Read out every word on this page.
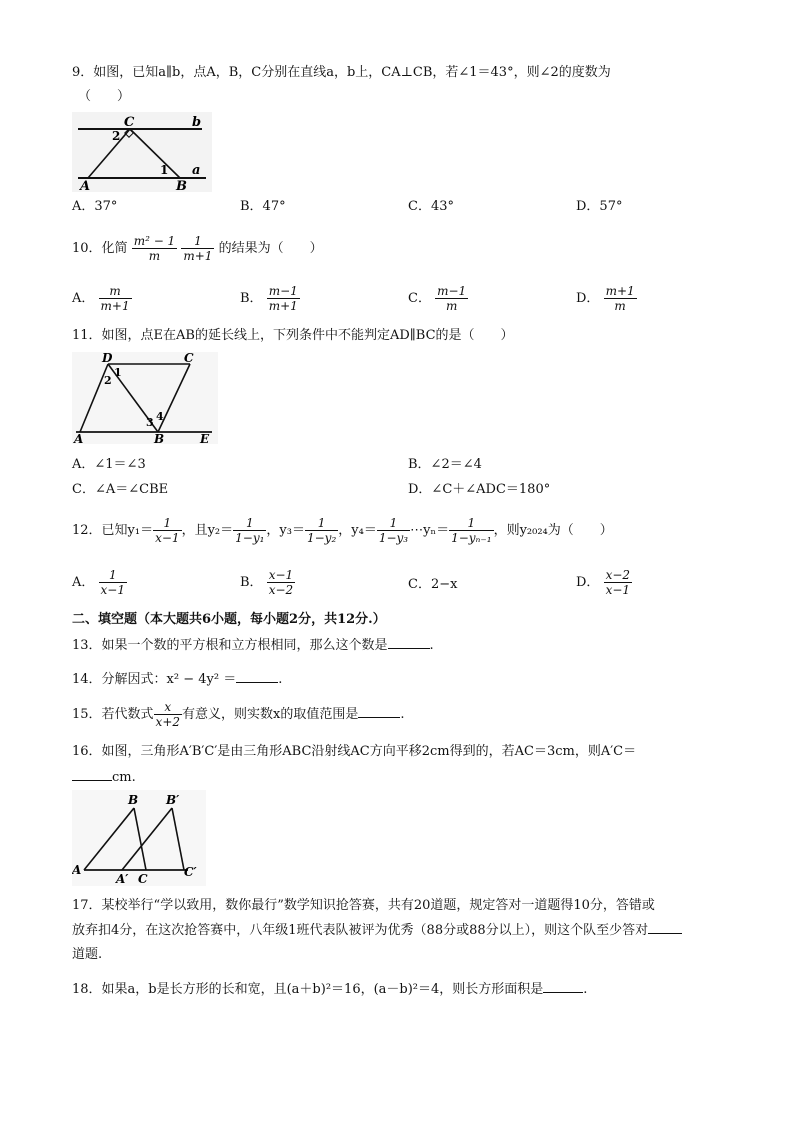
9．如图，已知a∥b，点A，B，C分别在直线a，b上，CA⊥CB，若∠1＝43°，则∠2的度数为
（　　）
C	b
a
2
1
A	B
A．37°	B．47°	C．43°	D．57°
10．化简 $\frac{\text{m² − 1}}{m}$
$\frac{1}{m+1}$ 的结果为（　　）
A． $\frac{m}{m+1}$	B． $\frac{m-1}{m+1}$	C． $\frac{m-1}{m}$	D． $\frac{m+1}{m}$
11．如图，点E在AB的延长线上，下列条件中不能判定AD∥BC的是（　　）
D	C
1
2
3 4
A	B	E
A．∠1＝∠3	B．∠2＝∠4
C．∠A＝∠CBE	D．∠C＋∠ADC＝180°
12．已知$y_1= \frac{1}{x-1}$ ，且$y_2= \frac{1}{\text{1−y₁}}$ ，$y_3= \frac{1}{\text{1−y₂}}$ ，$y_4= \frac{1}{\text{1−y₃}}$ ⋯yₙ＝ $\frac{1}{\text{1−yₙ₋₁}}$ ，则y₂₀₂₄为（　　）
A． $\frac{1}{x-1}$	B． $\frac{x-1}{x-2}$	C．2−x	D． $\frac{x-2}{x-1}$
二、填空题（本大题共6小题，每小题2分，共12分.）
13．如果一个数的平方根和立方根相同，那么这个数是	.
14．分解因式：x² − 4y² ＝	.
15．若代数式 $\frac{x}{x+2}$ 有意义，则实数x的取值范围是	.
16．如图，三角形A′B′C′是由三角形ABC沿射线AC方向平移2cm得到的，若AC＝3cm，则A′C＝
cm.
B B′
A
A′ C	C′
17．某校举行“学以致用，数你最行”数学知识抢答赛，共有20道题，规定答对一道题得10分，答错或
放弃扣4分，在这次抢答赛中，八年级1班代表队被评为优秀（88分或88分以上），则这个队至少答对
道题.
18．如果a，b是长方形的长和宽，且(a＋b)²＝16，(a－b)²＝4，则长方形面积是	.
